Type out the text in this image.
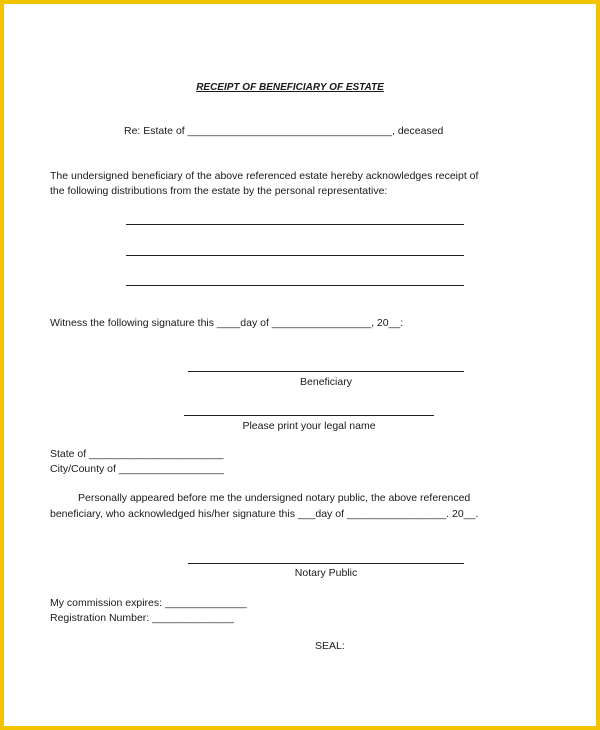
RECEIPT OF BENEFICIARY OF ESTATE
Re: Estate of ___________________________________, deceased
The undersigned beneficiary of the above referenced estate hereby acknowledges receipt of
the following distributions from the estate by the personal representative:
Witness the following signature this ____day of _________________, 20__:
Beneficiary
Please print your legal name
State of _______________________
City/County of __________________
Personally appeared before me the undersigned notary public, the above referenced
beneficiary, who acknowledged his/her signature this ___day of _________________. 20__.
Notary Public
My commission expires: ______________
Registration Number: ______________
SEAL:
